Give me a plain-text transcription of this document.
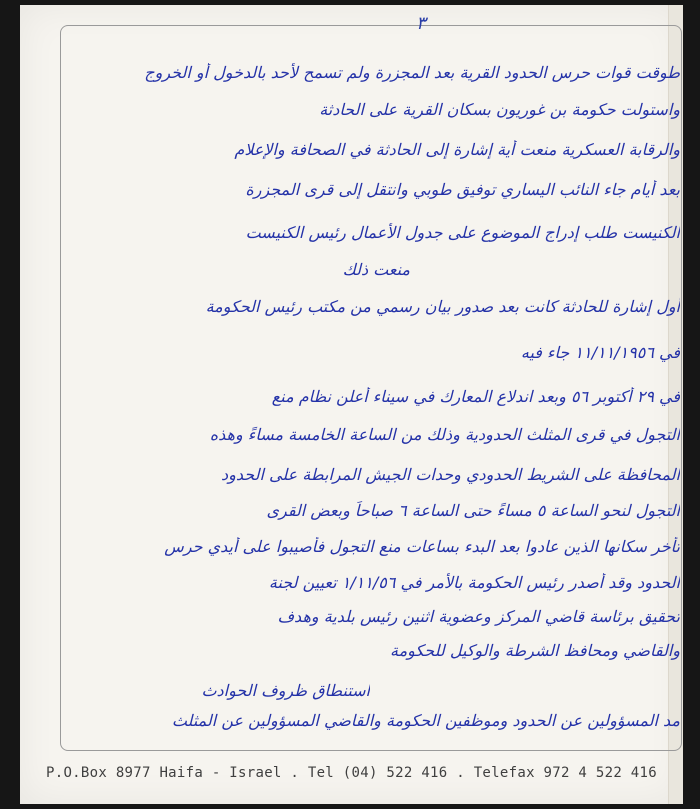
٣
طوقت قوات حرس الحدود القرية بعد المجزرة ولم تسمح لأحد بالدخول أو الخروج
واستولت حكومة بن غوريون بسكان القرية على الحادثة
والرقابة العسكرية منعت أية إشارة إلى الحادثة في الصحافة والإعلام
بعد أيام جاء النائب اليساري توفيق طوبي وانتقل إلى قرى المجزرة
الكنيست طلب إدراج الموضوع على جدول الأعمال رئيس الكنيست
منعت ذلك
أول إشارة للحادثة كانت بعد صدور بيان رسمي من مكتب رئيس الحكومة
في ١١/١١/١٩٥٦ جاء فيه
في ٢٩ أكتوبر ٥٦ وبعد اندلاع المعارك في سيناء أعلن نظام منع
التجول في قرى المثلث الحدودية وذلك من الساعة الخامسة مساءً وهذه
المحافظة على الشريط الحدودي وحدات الجيش المرابطة على الحدود
التجول لنحو الساعة ٥ مساءً حتى الساعة ٦ صباحاً وبعض القرى
تأخر سكانها الذين عادوا بعد البدء بساعات منع التجول فأصيبوا على أيدي حرس
الحدود وقد أصدر رئيس الحكومة بالأمر في ١/١١/٥٦ تعيين لجنة
تحقيق برئاسة قاضي المركز وعضوية اثنين رئيس بلدية وهدف
والقاضي ومحافظ الشرطة والوكيل للحكومة
استنطاق ظروف الحوادث
مد المسؤولين عن الحدود وموظفين الحكومة والقاضي المسؤولين عن المثلث
P.O.Box 8977 Haifa - Israel . Tel (04) 522 416 . Telefax 972 4 522 416
